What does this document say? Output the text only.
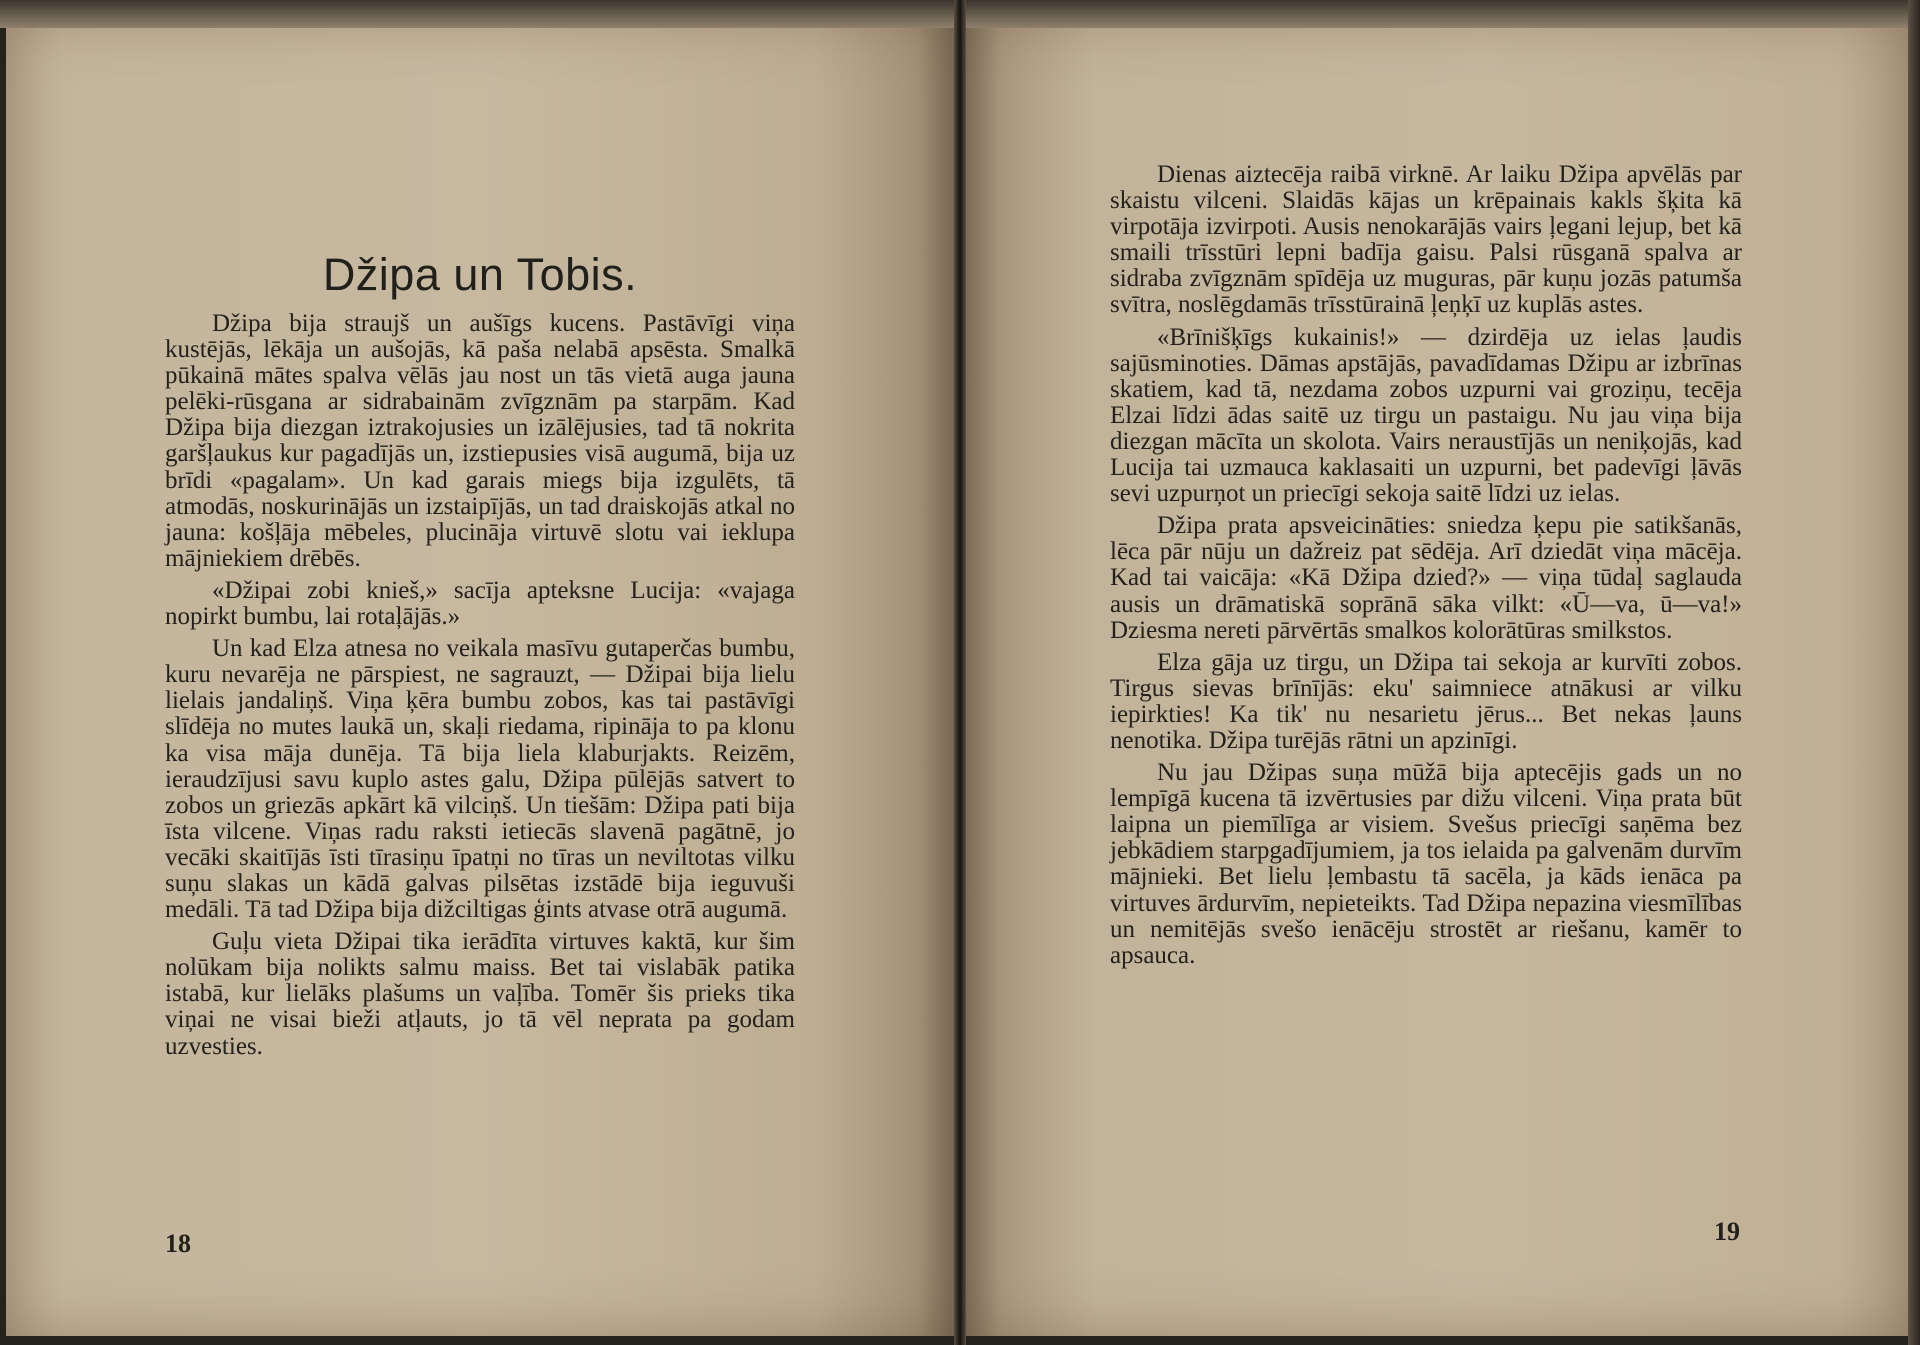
Džipa un Tobis.

Džipa bija straujš un aušīgs kucens. Pastāvīgi viņa kustējās, lēkāja un aušojās, kā paša nelabā apsēsta. Smalkā pūkainā mātes spalva vēlās jau nost un tās vietā auga jauna pelēki-rūsgana ar sidrabainām zvīgznām pa starpām. Kad Džipa bija diezgan iztrakojusies un izālējusies, tad tā nokrita garšļaukus kur pagadījās un, izstiepusies visā augumā, bija uz brīdi «pagalam». Un kad garais miegs bija izgulēts, tā atmodās, noskurinājās un izstaipījās, un tad draiskojās atkal no jauna: košļāja mēbeles, plucināja virtuvē slotu vai ieklupa mājniekiem drēbēs.

«Džipai zobi knieš,» sacīja apteksne Lucija: «vajaga nopirkt bumbu, lai rotaļājās.»

Un kad Elza atnesa no veikala masīvu gutaperčas bumbu, kuru nevarēja ne pārspiest, ne sagrauzt, — Džipai bija lielu lielais jandaliņš. Viņa ķēra bumbu zobos, kas tai pastāvīgi slīdēja no mutes laukā un, skaļi riedama, ripināja to pa klonu ka visa māja dunēja. Tā bija liela klaburjakts. Reizēm, ieraudzījusi savu kuplo astes galu, Džipa pūlējās satvert to zobos un griezās apkārt kā vilciņš. Un tiešām: Džipa pati bija īsta vilcene. Viņas radu raksti ietiecās slavenā pagātnē, jo vecāki skaitījās īsti tīrasiņu īpatņi no tīras un neviltotas vilku suņu slakas un kādā galvas pilsētas izstādē bija ieguvuši medāli. Tā tad Džipa bija dižciltigas ģints atvase otrā augumā.

Guļu vieta Džipai tika ierādīta virtuves kaktā, kur šim nolūkam bija nolikts salmu maiss. Bet tai vislabāk patika istabā, kur lielāks plašums un vaļība. Tomēr šis prieks tika viņai ne visai bieži atļauts, jo tā vēl neprata pa godam uzvesties.

18

Dienas aiztecēja raibā virknē. Ar laiku Džipa apvēlās par skaistu vilceni. Slaidās kājas un krēpainais kakls šķita kā virpotāja izvirpoti. Ausis nenokarājās vairs ļegani lejup, bet kā smaili trīsstūri lepni badīja gaisu. Palsi rūsganā spalva ar sidraba zvīgznām spīdēja uz muguras, pār kuņu jozās patumša svītra, noslēgdamās trīsstūrainā ļeņķī uz kuplās astes.

«Brīnišķīgs kukainis!» — dzirdēja uz ielas ļaudis sajūsminoties. Dāmas apstājās, pavadīdamas Džipu ar izbrīnas skatiem, kad tā, nezdama zobos uzpurni vai groziņu, tecēja Elzai līdzi ādas saitē uz tirgu un pastaigu. Nu jau viņa bija diezgan mācīta un skolota. Vairs neraustījās un neniķojās, kad Lucija tai uzmauca kaklasaiti un uzpurni, bet padevīgi ļāvās sevi uzpurņot un priecīgi sekoja saitē līdzi uz ielas.

Džipa prata apsveicināties: sniedza ķepu pie satikšanās, lēca pār nūju un dažreiz pat sēdēja. Arī dziedāt viņa mācēja. Kad tai vaicāja: «Kā Džipa dzied?» — viņa tūdaļ saglauda ausis un drāmatiskā soprānā sāka vilkt: «Ū—va, ū—va!» Dziesma nereti pārvērtās smalkos kolorātūras smilkstos.

Elza gāja uz tirgu, un Džipa tai sekoja ar kurvīti zobos. Tirgus sievas brīnījās: eku' saimniece atnākusi ar vilku iepirkties! Ka tik' nu nesarietu jērus... Bet nekas ļauns nenotika. Džipa turējās rātni un apzinīgi.

Nu jau Džipas suņa mūžā bija aptecējis gads un no lempīgā kucena tā izvērtusies par dižu vilceni. Viņa prata būt laipna un piemīlīga ar visiem. Svešus priecīgi saņēma bez jebkādiem starpgadījumiem, ja tos ielaida pa galvenām durvīm mājnieki. Bet lielu ļembastu tā sacēla, ja kāds ienāca pa virtuves ārdurvīm, nepieteikts. Tad Džipa nepazina viesmīlības un nemitējās svešo ienācēju strostēt ar riešanu, kamēr to apsauca.

19
